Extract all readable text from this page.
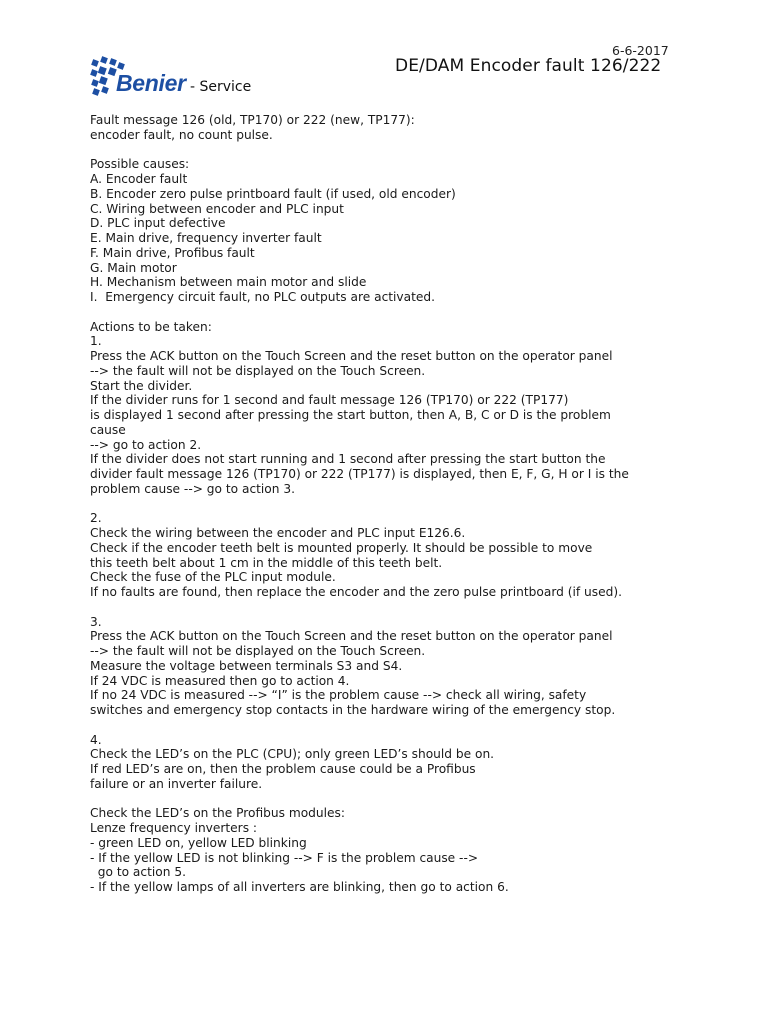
6-6-2017
DE/DAM Encoder fault 126/222
Benier - Service

Fault message 126 (old, TP170) or 222 (new, TP177):

encoder fault, no count pulse.

Possible causes:

A. Encoder fault

B. Encoder zero pulse printboard fault (if used, old encoder)

C. Wiring between encoder and PLC input

D. PLC input defective

E. Main drive, frequency inverter fault

F. Main drive, Profibus fault

G. Main motor

H. Mechanism between main motor and slide

I.  Emergency circuit fault, no PLC outputs are activated.

Actions to be taken:

1.

Press the ACK button on the Touch Screen and the reset button on the operator panel

--> the fault will not be displayed on the Touch Screen.

Start the divider.

If the divider runs for 1 second and fault message 126 (TP170) or 222 (TP177)

is displayed 1 second after pressing the start button, then A, B, C or D is the problem

cause

--> go to action 2.

If the divider does not start running and 1 second after pressing the start button the

divider fault message 126 (TP170) or 222 (TP177) is displayed, then E, F, G, H or I is the

problem cause --> go to action 3.

2.

Check the wiring between the encoder and PLC input E126.6.

Check if the encoder teeth belt is mounted properly. It should be possible to move

this teeth belt about 1 cm in the middle of this teeth belt.

Check the fuse of the PLC input module.

If no faults are found, then replace the encoder and the zero pulse printboard (if used).

3.

Press the ACK button on the Touch Screen and the reset button on the operator panel

--> the fault will not be displayed on the Touch Screen.

Measure the voltage between terminals S3 and S4.

If 24 VDC is measured then go to action 4.

If no 24 VDC is measured --> “I” is the problem cause --> check all wiring, safety

switches and emergency stop contacts in the hardware wiring of the emergency stop.

4.

Check the LED’s on the PLC (CPU); only green LED’s should be on.

If red LED’s are on, then the problem cause could be a Profibus

failure or an inverter failure.

Check the LED’s on the Profibus modules:

Lenze frequency inverters :

- green LED on, yellow LED blinking

- If the yellow LED is not blinking --> F is the problem cause -->

go to action 5.

- If the yellow lamps of all inverters are blinking, then go to action 6.
